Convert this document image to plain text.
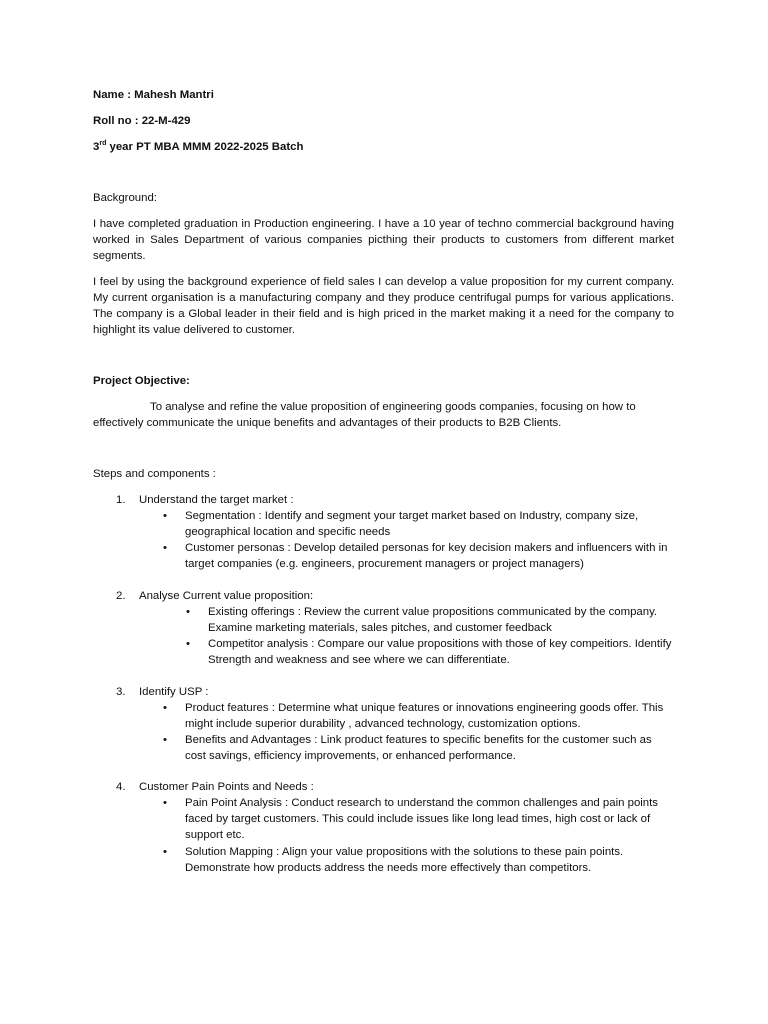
Name : Mahesh Mantri
Roll no : 22-M-429
3rd year PT MBA MMM 2022-2025 Batch
Background:
I have completed graduation in Production engineering. I have a 10 year of techno commercial background having worked in Sales Department of various companies picthing their products to customers from different market segments.
I feel by using the background experience of field sales I can develop a value proposition for my current company. My current organisation is a manufacturing company and they produce centrifugal pumps for various applications. The company is a Global leader in their field and is high priced in the market making it a need for the company to highlight its value delivered to customer.
Project Objective:
To analyse and refine the value proposition of engineering goods companies, focusing on how to effectively communicate the unique benefits and advantages of their products to B2B Clients.
Steps and components :
1.	Understand the target market :
• Segmentation : Identify and segment your target market based on Industry, company size, geographical location and specific needs
• Customer personas : Develop detailed personas for key decision makers and influencers with in target companies (e.g. engineers, procurement managers or project managers)
2.	Analyse Current value proposition:
• Existing offerings : Review the current value propositions communicated by the company. Examine marketing materials, sales pitches, and customer feedback
• Competitor analysis : Compare our value propositions with those of key compeitiors. Identify Strength and weakness and see where we can differentiate.
3.	Identify USP :
• Product features : Determine what unique features or innovations engineering goods offer. This might include superior durability , advanced technology, customization options.
• Benefits and Advantages : Link product features to specific benefits for the customer such as cost savings, efficiency improvements, or enhanced performance.
4.	Customer Pain Points and Needs :
• Pain Point Analysis : Conduct research to understand the common challenges and pain points faced by target customers. This could include issues like long lead times, high cost or lack of support etc.
• Solution Mapping : Align your value propositions with the solutions to these pain points. Demonstrate how products address the needs more effectively than competitors.
